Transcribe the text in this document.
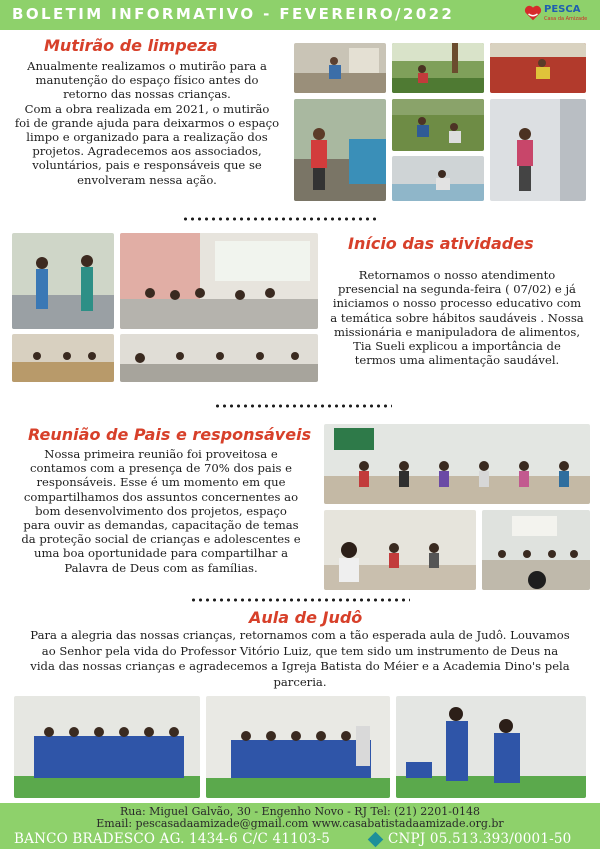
BOLETIM INFORMATIVO - FEVEREIRO/2022	PESCA
Casa da Amizade
Mutirão de limpeza
Anualmente realizamos o mutirão para a
manutenção do espaço físico antes do
retorno das nossas crianças.
Com a obra realizada em 2021, o mutirão
foi de grande ajuda para deixarmos o espaço
limpo e organizado para a realização dos
projetos. Agradecemos aos associados,
voluntários, pais e responsáveis que se
envolveram nessa ação.
Início das atividades
Retornamos o nosso atendimento
presencial na segunda-feira ( 07/02) e já
iniciamos o nosso processo educativo com
a temática sobre hábitos saudáveis . Nossa
missionária e manipuladora de alimentos,
Tia Sueli explicou a importância de
termos uma alimentação saudável.
Reunião de Pais e responsáveis
Nossa primeira reunião foi proveitosa e
contamos com a presença de 70% dos pais e
responsáveis. Esse é um momento em que
compartilhamos dos assuntos concernentes ao
bom desenvolvimento dos projetos, espaço
para ouvir as demandas, capacitação de temas
da proteção social de crianças e adolescentes e
uma boa oportunidade para compartilhar a
Palavra de Deus com as famílias.
Aula de Judô
Para a alegria das nossas crianças, retornamos com a tão esperada aula de Judô. Louvamos
ao Senhor pela vida do Professor Vitório Luiz, que tem sido um instrumento de Deus na
vida das nossas crianças e agradecemos a Igreja Batista do Méier e a Academia Dino's pela
parceria.
Rua: Miguel Galvão, 30 - Engenho Novo - RJ Tel: (21) 2201-0148
Email: pescasadaamizade@gmail.com www.casabatistadaamizade.org.br
BANCO BRADESCO AG. 1434-6 C/C 41103-5	CNPJ 05.513.393/0001-50
